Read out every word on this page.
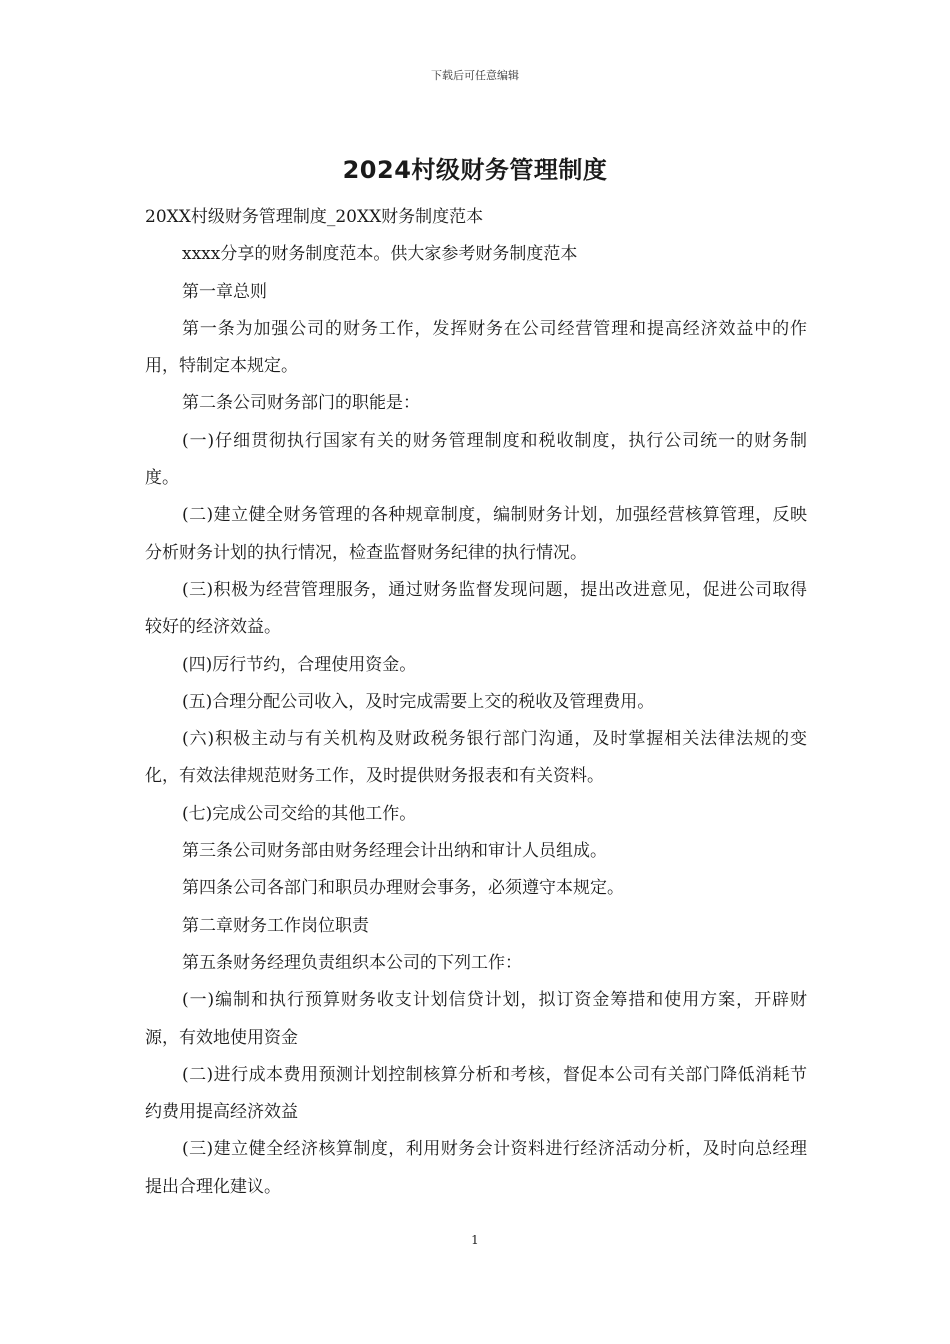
下载后可任意编辑
2024村级财务管理制度

20XX村级财务管理制度_20XX财务制度范本

xxxx分享的财务制度范本。供大家参考财务制度范本

第一章总则

第一条为加强公司的财务工作，发挥财务在公司经营管理和提高经济效益中的作用，特制定本规定。

第二条公司财务部门的职能是：

(一)仔细贯彻执行国家有关的财务管理制度和税收制度，执行公司统一的财务制度。

(二)建立健全财务管理的各种规章制度，编制财务计划，加强经营核算管理，反映分析财务计划的执行情况，检查监督财务纪律的执行情况。

(三)积极为经营管理服务，通过财务监督发现问题，提出改进意见，促进公司取得较好的经济效益。

(四)厉行节约，合理使用资金。

(五)合理分配公司收入，及时完成需要上交的税收及管理费用。

(六)积极主动与有关机构及财政税务银行部门沟通，及时掌握相关法律法规的变化，有效法律规范财务工作，及时提供财务报表和有关资料。

(七)完成公司交给的其他工作。

第三条公司财务部由财务经理会计出纳和审计人员组成。

第四条公司各部门和职员办理财会事务，必须遵守本规定。

第二章财务工作岗位职责

第五条财务经理负责组织本公司的下列工作：

(一)编制和执行预算财务收支计划信贷计划，拟订资金筹措和使用方案，开辟财源，有效地使用资金

(二)进行成本费用预测计划控制核算分析和考核，督促本公司有关部门降低消耗节约费用提高经济效益

(三)建立健全经济核算制度，利用财务会计资料进行经济活动分析，及时向总经理提出合理化建议。

1
